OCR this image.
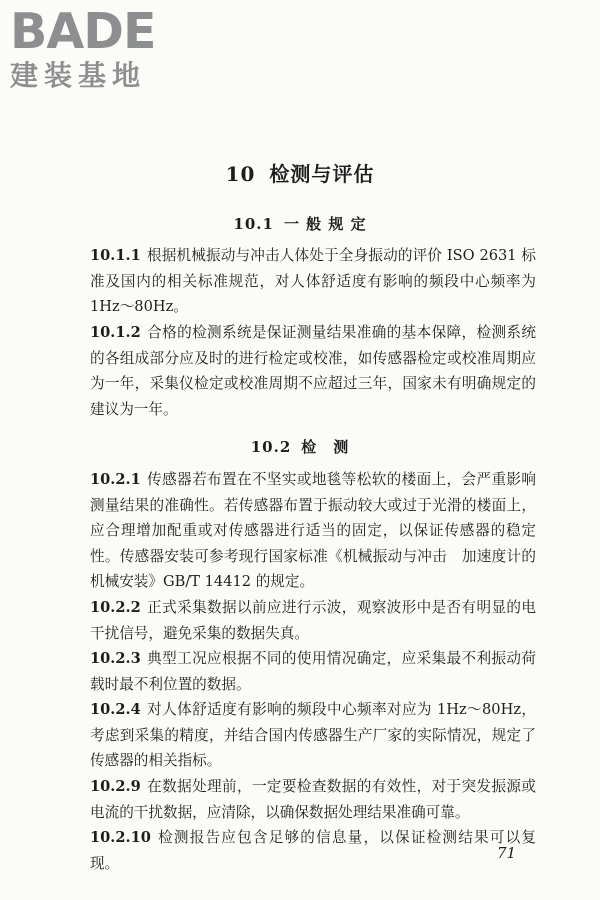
BADE
建装基地
10 检测与评估
10.1 一 般 规 定

10.1.1 根据机械振动与冲击人体处于全身振动的评价 ISO 2631 标准及国内的相关标准规范，对人体舒适度有影响的频段中心频率为 1Hz～80Hz。

10.1.2 合格的检测系统是保证测量结果准确的基本保障，检测系统的各组成部分应及时的进行检定或校准，如传感器检定或校准周期应为一年，采集仪检定或校准周期不应超过三年，国家未有明确规定的建议为一年。

10.2 检　测

10.2.1 传感器若布置在不坚实或地毯等松软的楼面上，会严重影响测量结果的准确性。若传感器布置于振动较大或过于光滑的楼面上，应合理增加配重或对传感器进行适当的固定，以保证传感器的稳定性。传感器安装可参考现行国家标准《机械振动与冲击　加速度计的机械安装》GB/T 14412 的规定。

10.2.2 正式采集数据以前应进行示波，观察波形中是否有明显的电干扰信号，避免采集的数据失真。

10.2.3 典型工况应根据不同的使用情况确定，应采集最不利振动荷载时最不利位置的数据。

10.2.4 对人体舒适度有影响的频段中心频率对应为 1Hz～80Hz，考虑到采集的精度，并结合国内传感器生产厂家的实际情况，规定了传感器的相关指标。

10.2.9 在数据处理前，一定要检查数据的有效性，对于突发振源或电流的干扰数据，应清除，以确保数据处理结果准确可靠。

10.2.10 检测报告应包含足够的信息量，以保证检测结果可以复现。

71
